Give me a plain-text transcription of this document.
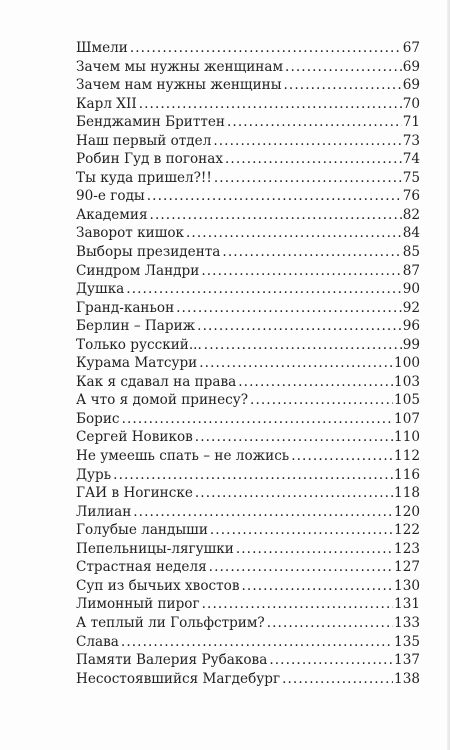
Шмели .....	67
Зачем мы нужны женщинам .....	69
Зачем нам нужны женщины .....	69
Карл XII .....	70
Бенджамин Бриттен .....	71
Наш первый отдел .....	73
Робин Гуд в погонах .....	74
Ты куда пришел?!! .....	75
90-е годы .....	76
Академия .....	82
Заворот кишок .....	84
Выборы президента .....	85
Синдром Ландри .....	87
Душка .....	90
Гранд-каньон .....	92
Берлин – Париж .....	96
Только русский... .....	99
Курама Матсури .....	100
Как я сдавал на права .....	103
А что я домой принесу? .....	105
Борис .....	107
Сергей Новиков .....	110
Не умеешь спать – не ложись .....	112
Дурь .....	116
ГАИ в Ногинске .....	118
Лилиан .....	120
Голубые ландыши .....	122
Пепельницы-лягушки .....	123
Страстная неделя .....	127
Суп из бычьих хвостов .....	130
Лимонный пирог .....	131
А теплый ли Гольфстрим? .....	133
Слава .....	135
Памяти Валерия Рубакова .....	137
Несостоявшийся Магдебург .....	138
